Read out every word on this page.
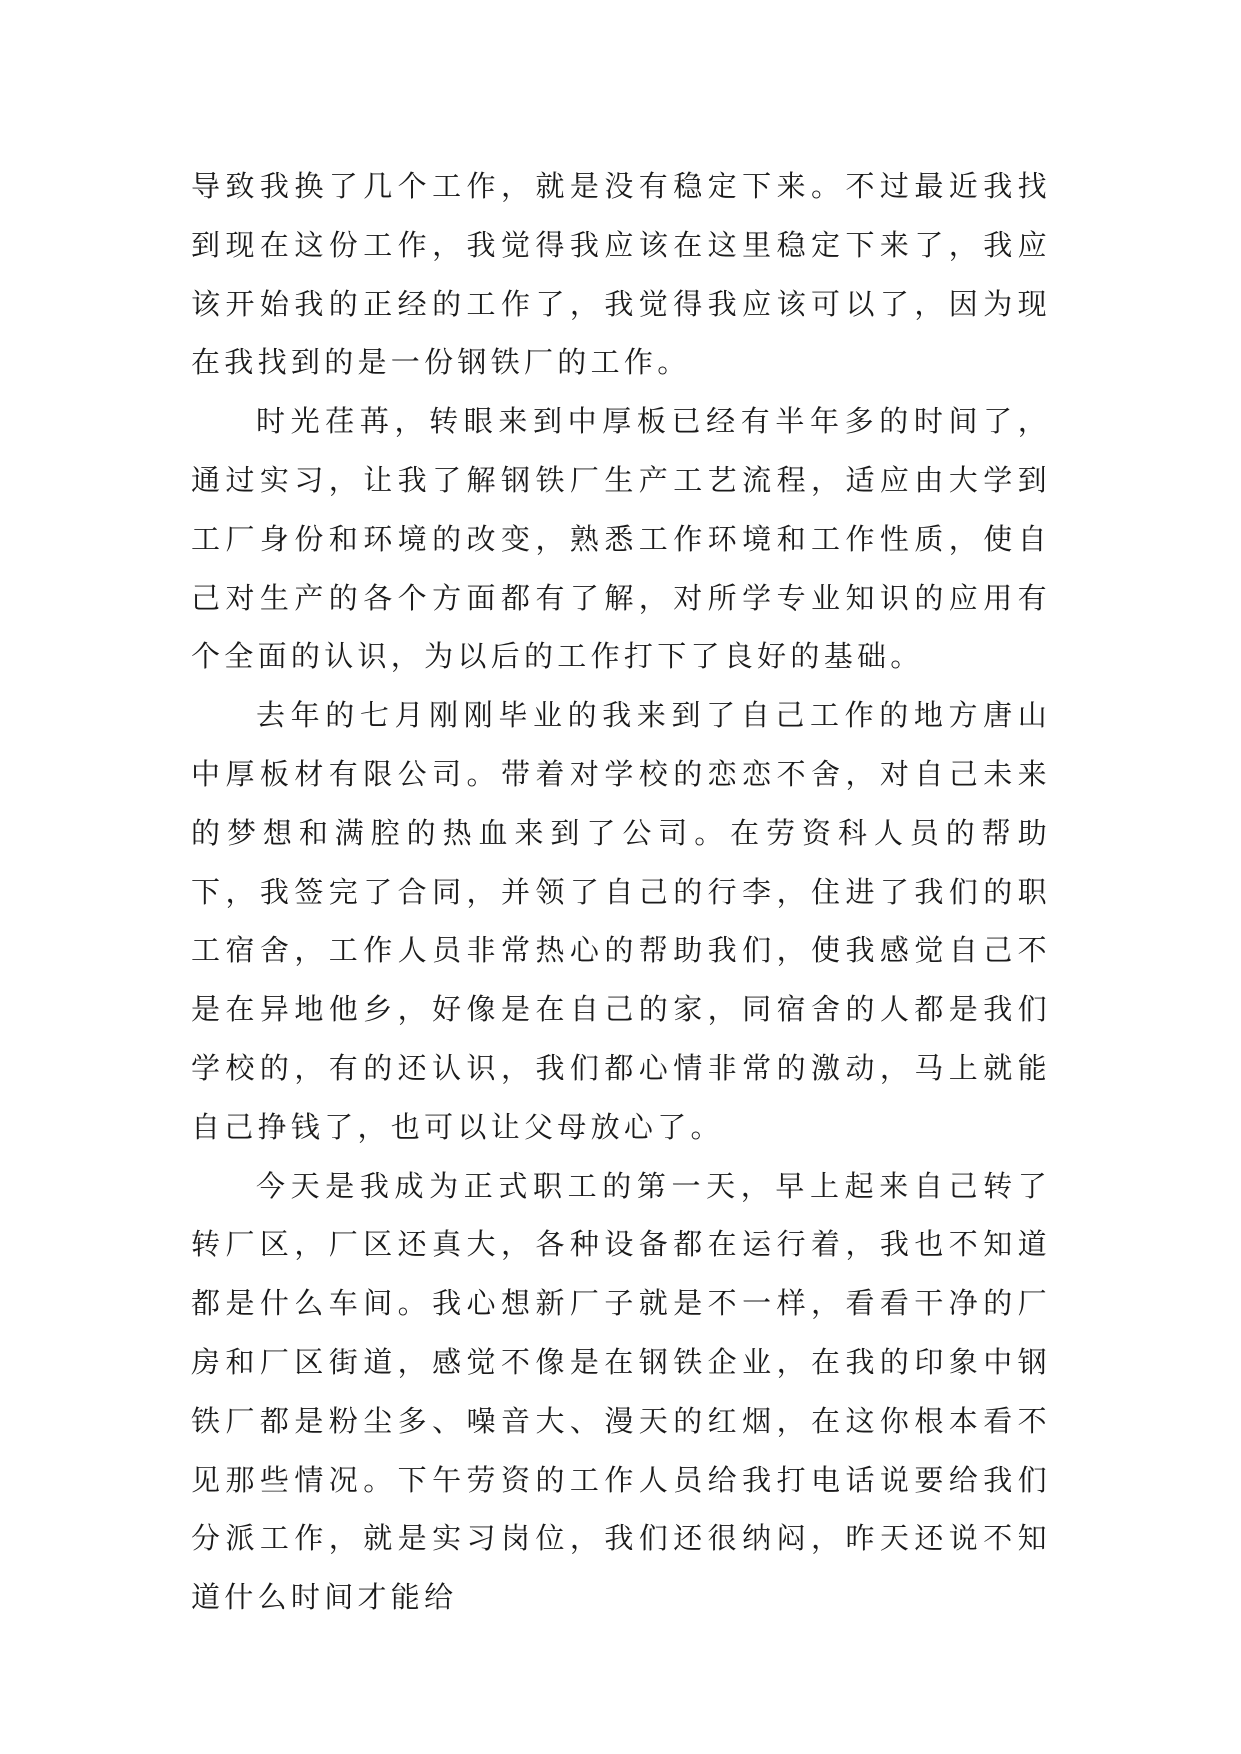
导致我换了几个工作，就是没有稳定下来。不过最近我找到现在这份工作，我觉得我应该在这里稳定下来了，我应该开始我的正经的工作了，我觉得我应该可以了，因为现在我找到的是一份钢铁厂的工作。

时光荏苒，转眼来到中厚板已经有半年多的时间了，通过实习，让我了解钢铁厂生产工艺流程，适应由大学到工厂身份和环境的改变，熟悉工作环境和工作性质，使自己对生产的各个方面都有了解，对所学专业知识的应用有个全面的认识，为以后的工作打下了良好的基础。

去年的七月刚刚毕业的我来到了自己工作的地方唐山中厚板材有限公司。带着对学校的恋恋不舍，对自己未来的梦想和满腔的热血来到了公司。在劳资科人员的帮助下，我签完了合同，并领了自己的行李，住进了我们的职工宿舍，工作人员非常热心的帮助我们，使我感觉自己不是在异地他乡，好像是在自己的家，同宿舍的人都是我们学校的，有的还认识，我们都心情非常的激动，马上就能自己挣钱了，也可以让父母放心了。

今天是我成为正式职工的第一天，早上起来自己转了转厂区，厂区还真大，各种设备都在运行着，我也不知道都是什么车间。我心想新厂子就是不一样，看看干净的厂房和厂区街道，感觉不像是在钢铁企业，在我的印象中钢铁厂都是粉尘多、噪音大、漫天的红烟，在这你根本看不见那些情况。下午劳资的工作人员给我打电话说要给我们分派工作，就是实习岗位，我们还很纳闷，昨天还说不知道什么时间才能给
